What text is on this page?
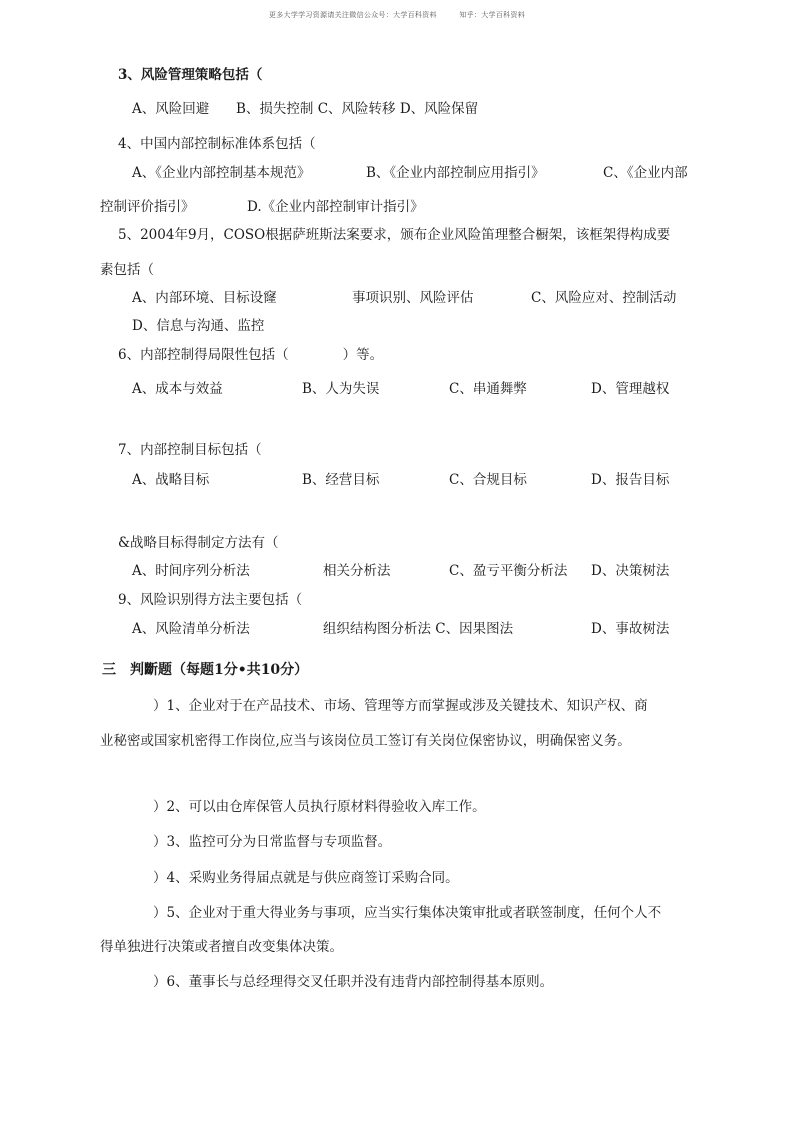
更多大学学习资源请关注微信公众号：大学百科资料	知乎：大学百科资料
3、风险管理策略包括（
A、风险回避 B、损失控制 C、风险转移 D、风险保留
4、中国内部控制标准体系包括（
A、《企业内部控制基本规范》	B、《企业内部控制应用指引》	C、《企业内部
控制评价指引》	D.《企业内部控制审计指引》
5、2004年9月，COSO根据萨班斯法案要求，颁布企业风险笛理整合橱架，该框架得构成要
素包括（
A、内部环境、目标设窿	事项识别、风险评估	C、风险应对、控制活动
D、信息与沟通、监控
6、内部控制得局限性包括（　　　　）等。
A、成本与效益	B、人为失误	C、串通舞弊	D、管理越权
7、内部控制目标包括（
A、战略目标	B、经营目标	C、合规目标	D、报告目标
&战略目标得制定方法有（
A、时间序列分析法	相关分析法	C、盈亏平衡分析法 D、决策树法
9、风险识别得方法主要包括（
A、风险清单分析法	组织结构图分析法 C、因果图法	D、事故树法
三　判斷题（每题1分•共10分）
）1、企业对于在产品技术、市场、管理等方而掌握或涉及关键技术、知识产权、商
业秘密或国家机密得工作岗位,应当与该岗位员工签订有关岗位保密协议，明确保密义务。
）2、可以由仓库保管人员执行原材料得验收入库工作。
）3、监控可分为日常监督与专项监督。
）4、采购业务得届点就是与供应商签订采购合同。
）5、企业对于重大得业务与事项，应当实行集体决策审批或者联签制度，任何个人不
得单独进行决策或者擅自改变集体决策。
）6、董事长与总经理得交叉任职并没有违背内部控制得基本原则。
